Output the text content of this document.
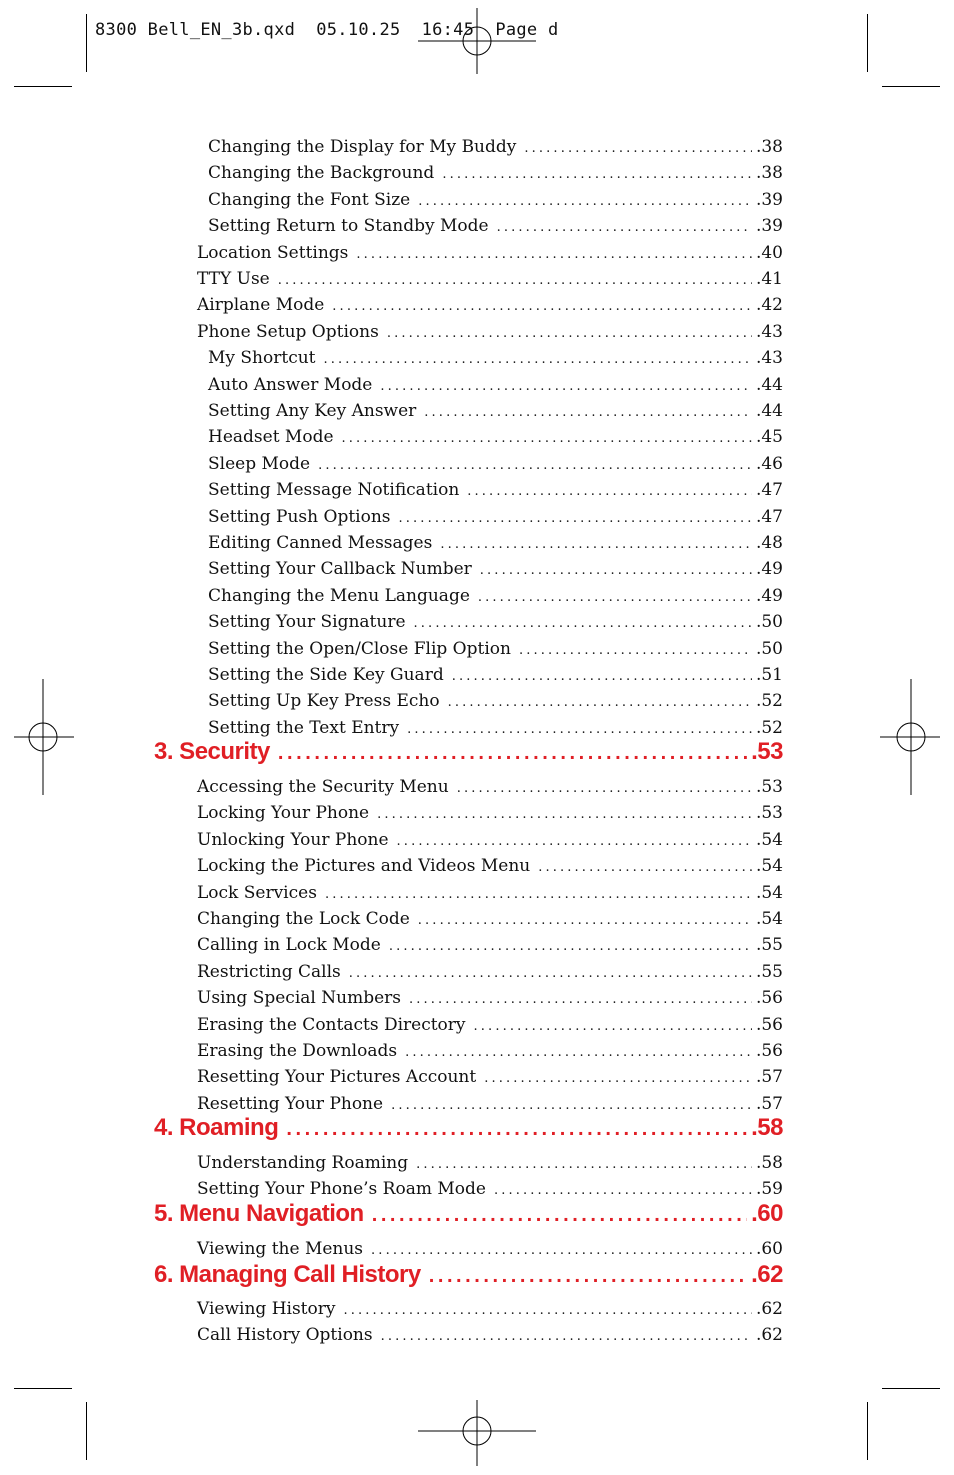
8300 Bell_EN_3b.qxd  05.10.25  16:45  Page d
Changing the Display for My Buddy . . .	.38
Changing the Background . . .	.38
Changing the Font Size . . .	.39
Setting Return to Standby Mode . . .	.39
Location Settings . . .	.40
TTY Use . . .	.41
Airplane Mode . . .	.42
Phone Setup Options . . .	.43
My Shortcut . . .	.43
Auto Answer Mode . . .	.44
Setting Any Key Answer . . .	.44
Headset Mode . . .	.45
Sleep Mode . . .	.46
Setting Message Notification . . .	.47
Setting Push Options . . .	.47
Editing Canned Messages . . .	.48
Setting Your Callback Number . . .	.49
Changing the Menu Language . . .	.49
Setting Your Signature . . .	.50
Setting the Open/Close Flip Option . . .	.50
Setting the Side Key Guard . . .	.51
Setting Up Key Press Echo . . .	.52
Setting the Text Entry . . .	.52
3. Security . . .	.53
Accessing the Security Menu . . .	.53
Locking Your Phone . . .	.53
Unlocking Your Phone . . .	.54
Locking the Pictures and Videos Menu . . .	.54
Lock Services . . .	.54
Changing the Lock Code . . .	.54
Calling in Lock Mode . . .	.55
Restricting Calls . . .	.55
Using Special Numbers . . .	.56
Erasing the Contacts Directory . . .	.56
Erasing the Downloads . . .	.56
Resetting Your Pictures Account . . .	.57
Resetting Your Phone . . .	.57
4. Roaming . . .	.58
Understanding Roaming . . .	.58
Setting Your Phone’s Roam Mode . . .	.59
5. Menu Navigation . . .	.60
Viewing the Menus . . .	.60
6. Managing Call History . . .	.62
Viewing History . . .	.62
Call History Options . . .	.62
